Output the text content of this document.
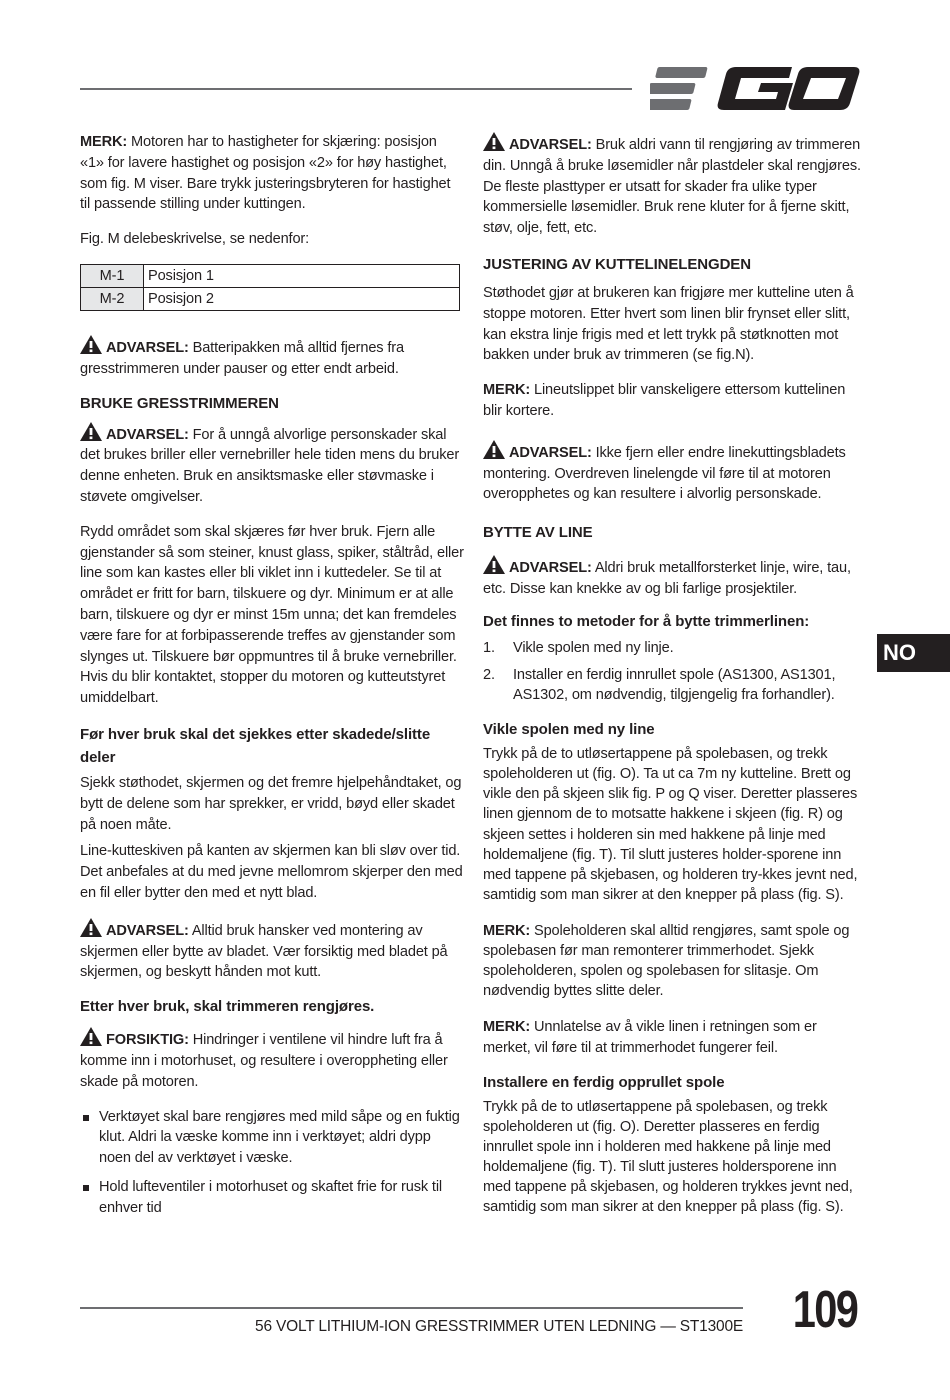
MERK: Motoren har to hastigheter for skjæring: posisjon «1» for lavere hastighet og posisjon «2» for høy hastighet, som fig. M viser. Bare trykk justeringsbryteren for hastighet til passende stilling under kuttingen.

Fig. M delebeskrivelse, se nedenfor:

M-1	Posisjon 1
M-2	Posisjon 2

ADVARSEL: Batteripakken må alltid fjernes fra gresstrimmeren under pauser og etter endt arbeid.

BRUKE GRESSTRIMMEREN

ADVARSEL: For å unngå alvorlige personskader skal det brukes briller eller vernebriller hele tiden mens du bruker denne enheten. Bruk en ansiktsmaske eller støvmaske i støvete omgivelser.

Rydd området som skal skjæres før hver bruk. Fjern alle gjenstander så som steiner, knust glass, spiker, ståltråd, eller line som kan kastes eller bli viklet inn i kuttedeler. Se til at området er fritt for barn, tilskuere og dyr. Minimum er at alle barn, tilskuere og dyr er minst 15m unna; det kan fremdeles være fare for at forbipasserende treffes av gjenstander som slynges ut. Tilskuere bør oppmuntres til å bruke vernebriller. Hvis du blir kontaktet, stopper du motoren og kutteutstyret umiddelbart.

Før hver bruk skal det sjekkes etter skadede/slitte deler

Sjekk støthodet, skjermen og det fremre hjelpehåndtaket, og bytt de delene som har sprekker, er vridd, bøyd eller skadet på noen måte.

Line-kutteskiven på kanten av skjermen kan bli sløv over tid. Det anbefales at du med jevne mellomrom skjerper den med en fil eller bytter den med et nytt blad.

ADVARSEL: Alltid bruk hansker ved montering av skjermen eller bytte av bladet. Vær forsiktig med bladet på skjermen, og beskytt hånden mot kutt.

Etter hver bruk, skal trimmeren rengjøres.

FORSIKTIG: Hindringer i ventilene vil hindre luft fra å komme inn i motorhuset, og resultere i overoppheting eller skade på motoren.

Verktøyet skal bare rengjøres med mild såpe og en fuktig klut. Aldri la væske komme inn i verktøyet; aldri dypp noen del av verktøyet i væske.
Hold lufteventiler i motorhuset og skaftet frie for rusk til enhver tid

ADVARSEL: Bruk aldri vann til rengjøring av trimmeren din. Unngå å bruke løsemidler når plastdeler skal rengjøres. De fleste plasttyper er utsatt for skader fra ulike typer kommersielle løsemidler. Bruk rene kluter for å fjerne skitt, støv, olje, fett, etc.

JUSTERING AV KUTTELINELENGDEN

Støthodet gjør at brukeren kan frigjøre mer kutteline uten å stoppe motoren. Etter hvert som linen blir frynset eller slitt, kan ekstra linje frigis med et lett trykk på støtknotten mot bakken under bruk av trimmeren (se fig.N).

MERK: Lineutslippet blir vanskeligere ettersom kuttelinen blir kortere.

ADVARSEL: Ikke fjern eller endre linekuttingsbladets montering. Overdreven linelengde vil føre til at motoren overopphetes og kan resultere i alvorlig personskade.

BYTTE AV LINE

ADVARSEL: Aldri bruk metallforsterket linje, wire, tau, etc. Disse kan knekke av og bli farlige prosjektiler.

Det finnes to metoder for å bytte trimmerlinen:
1. Vikle spolen med ny linje.
2. Installer en ferdig innrullet spole (AS1300, AS1301, AS1302, om nødvendig, tilgjengelig fra forhandler).
Vikle spolen med ny line

Trykk på de to utløsertappene på spolebasen, og trekk spoleholderen ut (fig. O). Ta ut ca 7m ny kutteline. Brett og vikle den på skjeen slik fig. P og Q viser. Deretter plasseres linen gjennom de to motsatte hakkene i skjeen (fig. R) og skjeen settes i holderen sin med hakkene på linje med holdemaljene (fig. T). Til slutt justeres holder-sporene inn med tappene på skjebasen, og holderen try-kkes jevnt ned, samtidig som man sikrer at den knepper på plass (fig. S).

MERK: Spoleholderen skal alltid rengjøres, samt spole og spolebasen før man remonterer trimmerhodet. Sjekk spoleholderen, spolen og spolebasen for slitasje. Om nødvendig byttes slitte deler.

MERK: Unnlatelse av å vikle linen i retningen som er merket, vil føre til at trimmerhodet fungerer feil.

Installere en ferdig opprullet spole

Trykk på de to utløsertappene på spolebasen, og trekk spoleholderen ut (fig. O). Deretter plasseres en ferdig innrullet spole inn i holderen med hakkene på linje med holdemaljene (fig. T). Til slutt justeres holdersporene inn med tappene på skjebasen, og holderen trykkes jevnt ned, samtidig som man sikrer at den knepper på plass (fig. S).

NO
56 VOLT LITHIUM-ION GRESSTRIMMER UTEN LEDNING — ST1300E 109
